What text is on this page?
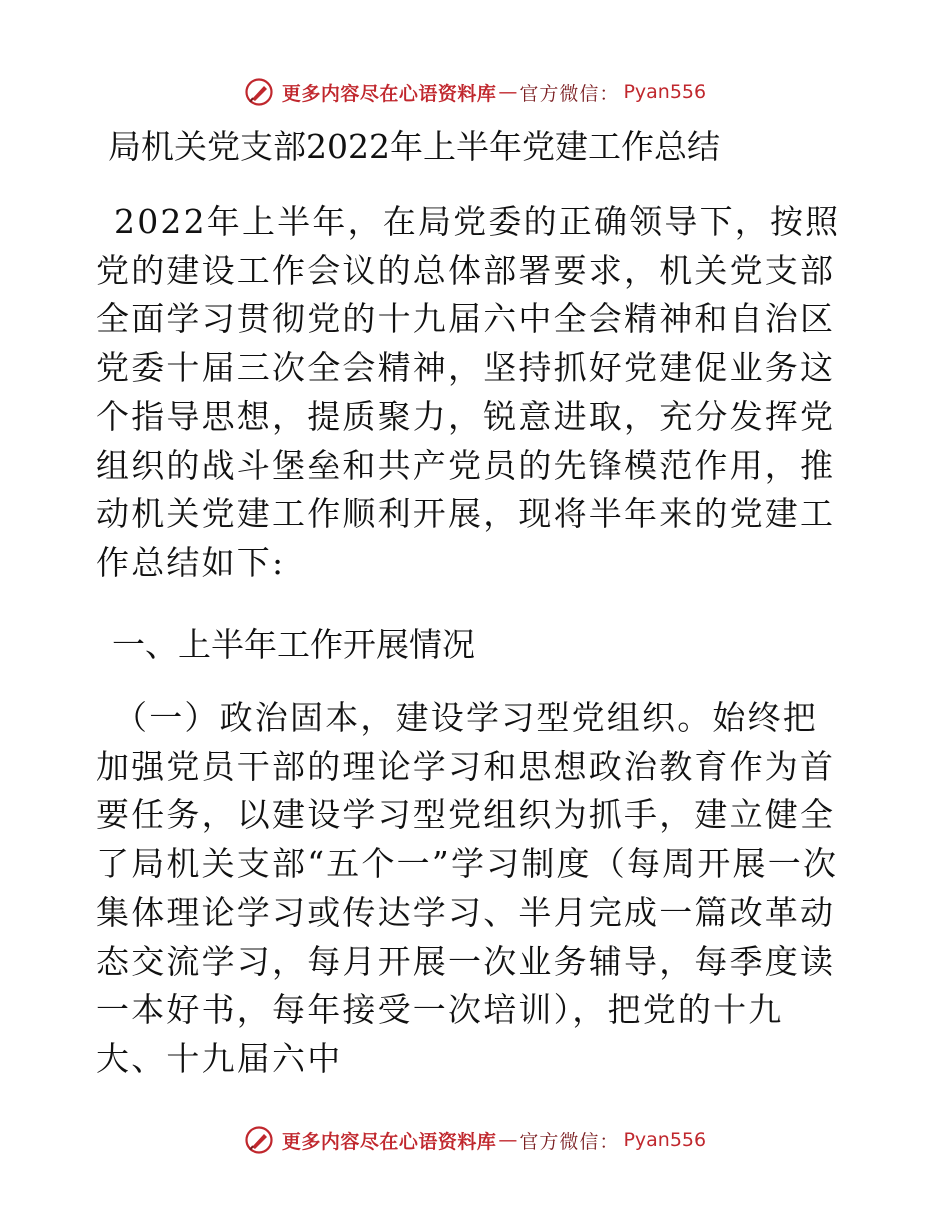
更多内容尽在心语资料库 — 官方微信： Pyan556
局机关党支部2022年上半年党建工作总结

2022年上半年，在局党委的正确领导下，按照党的建设工作会议的总体部署要求，机关党支部全面学习贯彻党的十九届六中全会精神和自治区党委十届三次全会精神，坚持抓好党建促业务这个指导思想，提质聚力，锐意进取，充分发挥党组织的战斗堡垒和共产党员的先锋模范作用，推动机关党建工作顺利开展，现将半年来的党建工作总结如下:

一、上半年工作开展情况

（一）政治固本，建设学习型党组织。始终把加强党员干部的理论学习和思想政治教育作为首要任务，以建设学习型党组织为抓手，建立健全了局机关支部“五个一”学习制度（每周开展一次集体理论学习或传达学习、半月完成一篇改革动态交流学习，每月开展一次业务辅导，每季度读一本好书，每年接受一次培训），把党的十九大、十九届六中

更多内容尽在心语资料库 — 官方微信： Pyan556
